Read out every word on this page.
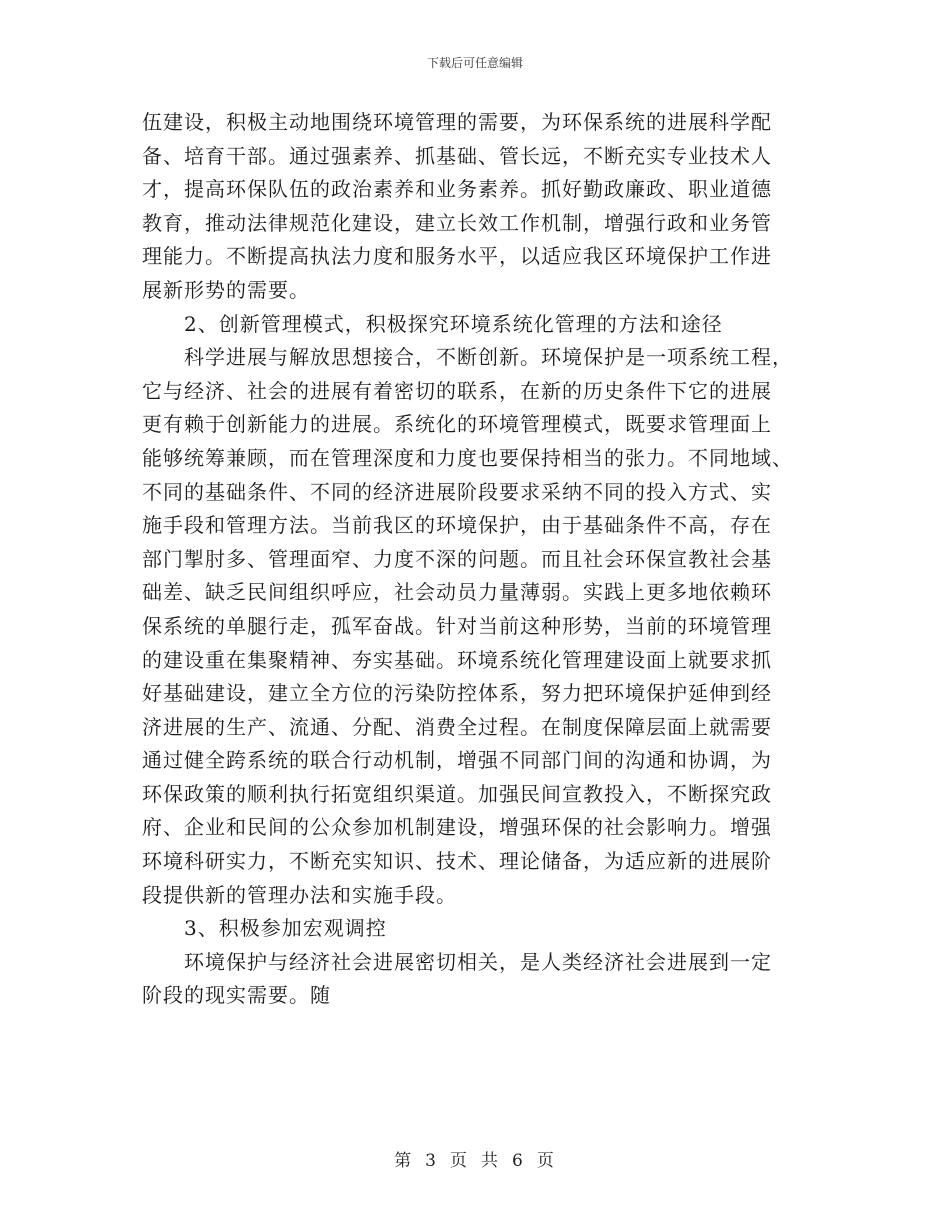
下载后可任意编辑

伍建设，积极主动地围绕环境管理的需要，为环保系统的进展科学配

备、培育干部。通过强素养、抓基础、管长远，不断充实专业技术人

才，提高环保队伍的政治素养和业务素养。抓好勤政廉政、职业道德

教育，推动法律规范化建设，建立长效工作机制，增强行政和业务管

理能力。不断提高执法力度和服务水平，以适应我区环境保护工作进

展新形势的需要。

2、创新管理模式，积极探究环境系统化管理的方法和途径

科学进展与解放思想接合，不断创新。环境保护是一项系统工程，

它与经济、社会的进展有着密切的联系，在新的历史条件下它的进展

更有赖于创新能力的进展。系统化的环境管理模式，既要求管理面上

能够统筹兼顾，而在管理深度和力度也要保持相当的张力。不同地域、

不同的基础条件、不同的经济进展阶段要求采纳不同的投入方式、实

施手段和管理方法。当前我区的环境保护，由于基础条件不高，存在

部门掣肘多、管理面窄、力度不深的问题。而且社会环保宣教社会基

础差、缺乏民间组织呼应，社会动员力量薄弱。实践上更多地依赖环

保系统的单腿行走，孤军奋战。针对当前这种形势，当前的环境管理

的建设重在集聚精神、夯实基础。环境系统化管理建设面上就要求抓

好基础建设，建立全方位的污染防控体系，努力把环境保护延伸到经

济进展的生产、流通、分配、消费全过程。在制度保障层面上就需要

通过健全跨系统的联合行动机制，增强不同部门间的沟通和协调，为

环保政策的顺利执行拓宽组织渠道。加强民间宣教投入，不断探究政

府、企业和民间的公众参加机制建设，增强环保的社会影响力。增强

环境科研实力，不断充实知识、技术、理论储备，为适应新的进展阶

段提供新的管理办法和实施手段。

3、积极参加宏观调控

环境保护与经济社会进展密切相关，是人类经济社会进展到一定

阶段的现实需要。随

第 3 页 共 6 页
